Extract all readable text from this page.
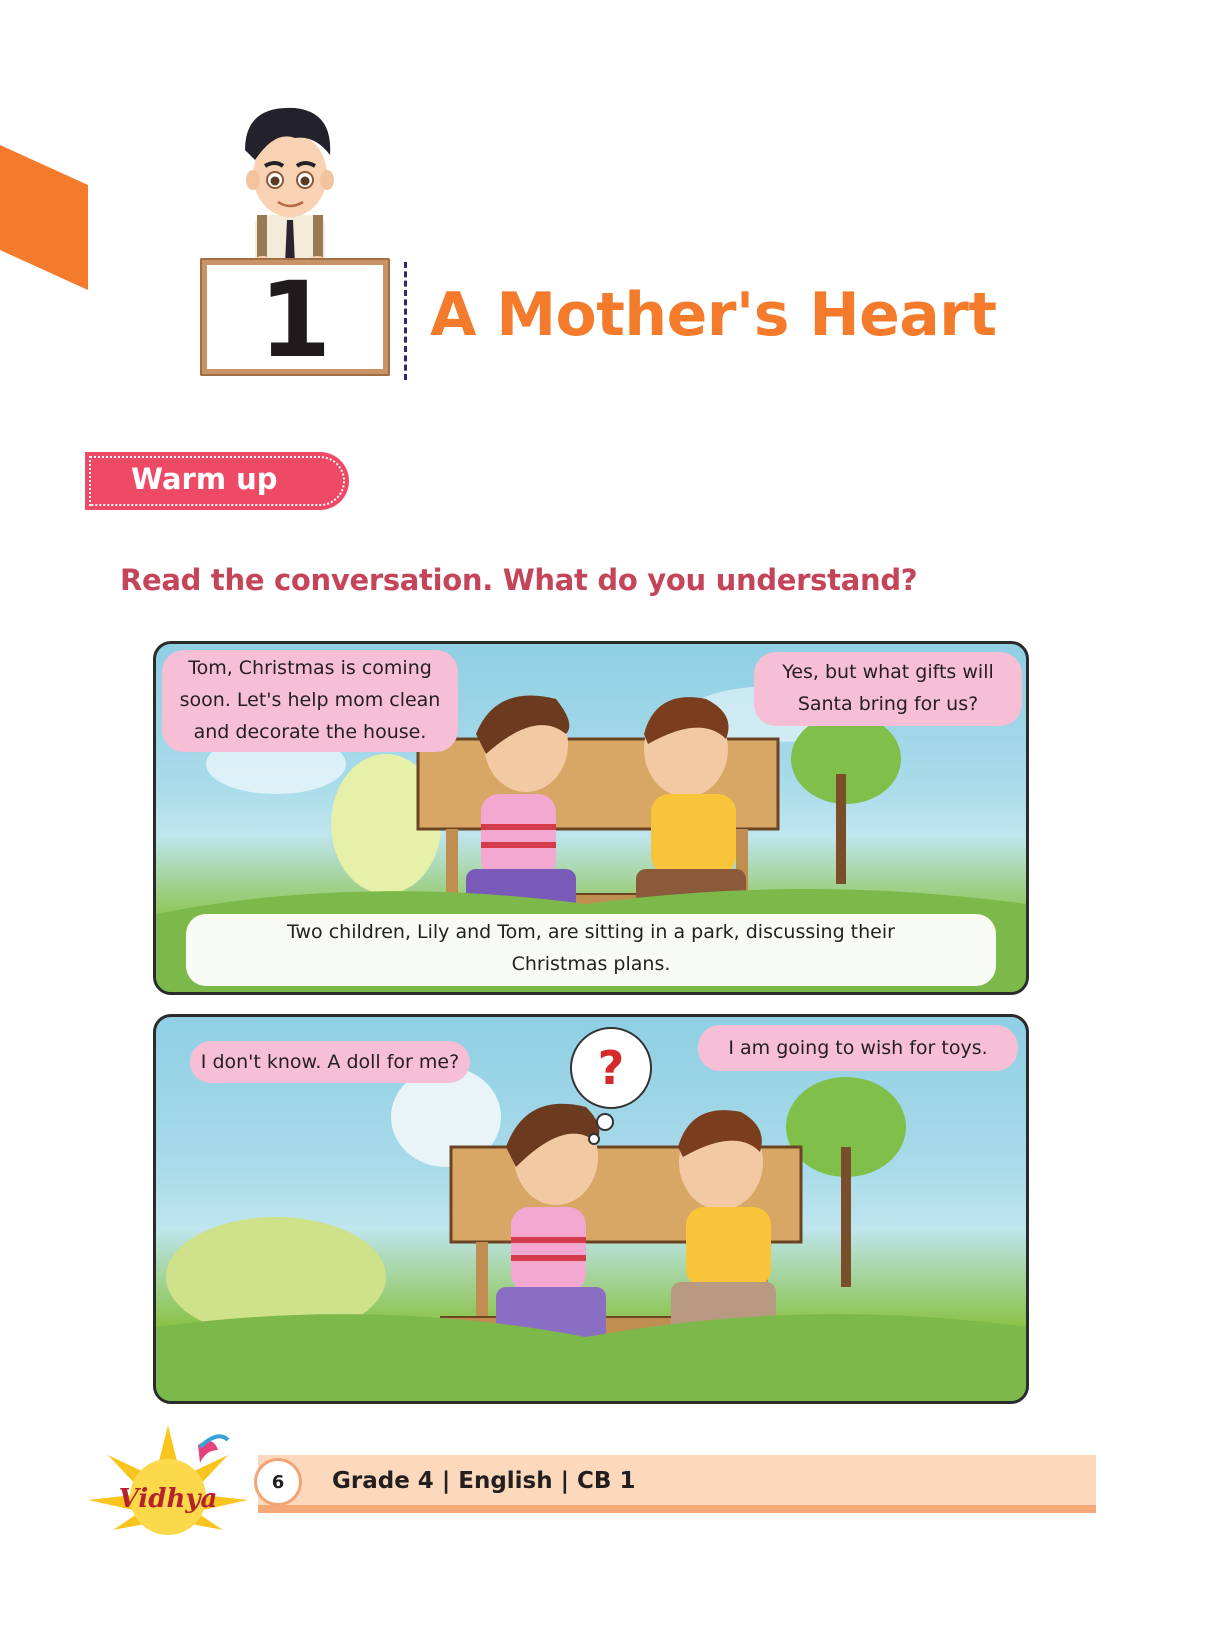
1 A Mother's Heart
Warm up
Read the conversation. What do you understand?
Tom, Christmas is coming
soon. Let's help mom clean
and decorate the house.
Yes, but what gifts will
Santa bring for us?
Two children, Lily and Tom, are sitting in a park, discussing their
Christmas plans.
I don't know. A doll for me?	?	I am going to wish for toys.
Vidhya
6	Grade 4 | English | CB 1
